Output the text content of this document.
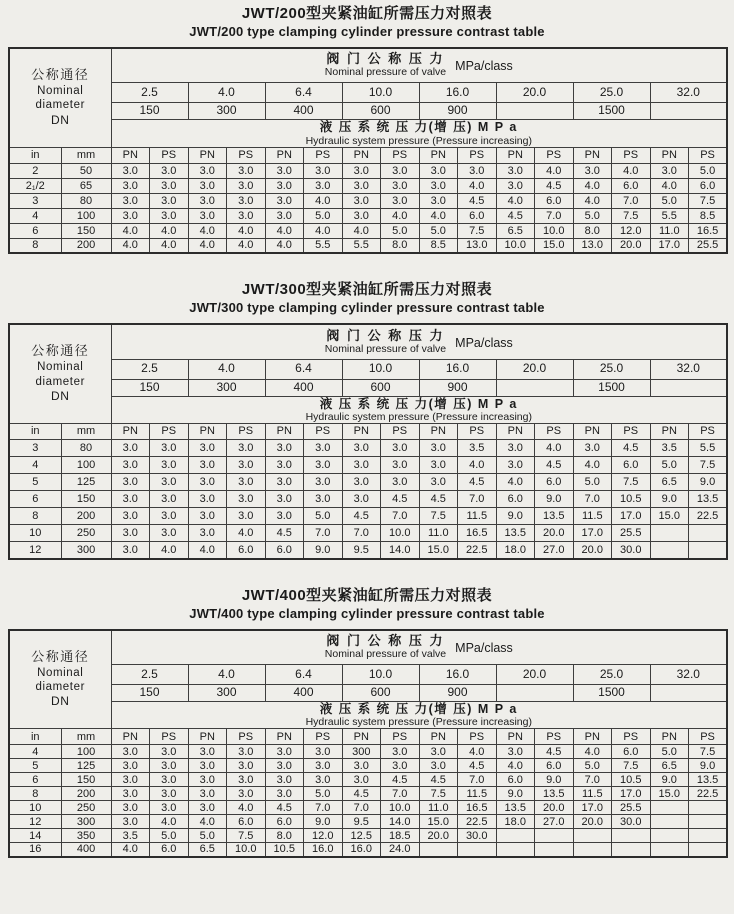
JWT/200型夹紧油缸所需压力对照表
JWT/200 type clamping cylinder pressure contrast table
公称通径
Nominal
diameter
DN

阀 门 公 称 压 力
Nominal pressure of valve MPa/class

		2.5		4.0		6.4		10.0		16.0		20.0		25.0		32.0	
		150		300		400		600		900				1500			

		液 压 系 统 压 力(增 压) M P a
Hydraulic system pressure (Pressure increasing)															

in	mm	PN	PS	PN	PS	PN	PS	PN	PS	PN	PS	PN	PS	PN	PS	PN	PS
2	50	3.0	3.0	3.0	3.0	3.0	3.0	3.0	3.0	3.0	3.0	3.0	4.0	3.0	4.0	3.0	5.0
2₁/2	65	3.0	3.0	3.0	3.0	3.0	3.0	3.0	3.0	3.0	4.0	3.0	4.5	4.0	6.0	4.0	6.0
3	80	3.0	3.0	3.0	3.0	3.0	4.0	3.0	3.0	3.0	4.5	4.0	6.0	4.0	7.0	5.0	7.5
4	100	3.0	3.0	3.0	3.0	3.0	5.0	3.0	4.0	4.0	6.0	4.5	7.0	5.0	7.5	5.5	8.5
6	150	4.0	4.0	4.0	4.0	4.0	4.0	4.0	5.0	5.0	7.5	6.5	10.0	8.0	12.0	11.0	16.5
8	200	4.0	4.0	4.0	4.0	4.0	5.5	5.5	8.0	8.5	13.0	10.0	15.0	13.0	20.0	17.0	25.5
JWT/300型夹紧油缸所需压力对照表
JWT/300 type clamping cylinder pressure contrast table
公称通径
Nominal
diameter
DN

阀 门 公 称 压 力
Nominal pressure of valve MPa/class

		2.5		4.0		6.4		10.0		16.0		20.0		25.0		32.0	
		150		300		400		600		900				1500			

		液 压 系 统 压 力(增 压) M P a
Hydraulic system pressure (Pressure increasing)															

in	mm	PN	PS	PN	PS	PN	PS	PN	PS	PN	PS	PN	PS	PN	PS	PN	PS
3	80	3.0	3.0	3.0	3.0	3.0	3.0	3.0	3.0	3.0	3.5	3.0	4.0	3.0	4.5	3.5	5.5
4	100	3.0	3.0	3.0	3.0	3.0	3.0	3.0	3.0	3.0	4.0	3.0	4.5	4.0	6.0	5.0	7.5
5	125	3.0	3.0	3.0	3.0	3.0	3.0	3.0	3.0	3.0	4.5	4.0	6.0	5.0	7.5	6.5	9.0
6	150	3.0	3.0	3.0	3.0	3.0	3.0	3.0	4.5	4.5	7.0	6.0	9.0	7.0	10.5	9.0	13.5
8	200	3.0	3.0	3.0	3.0	3.0	5.0	4.5	7.0	7.5	11.5	9.0	13.5	11.5	17.0	15.0	22.5
10	250	3.0	3.0	3.0	4.0	4.5	7.0	7.0	10.0	11.0	16.5	13.5	20.0	17.0	25.5		
12	300	3.0	4.0	4.0	6.0	6.0	9.0	9.5	14.0	15.0	22.5	18.0	27.0	20.0	30.0		
JWT/400型夹紧油缸所需压力对照表
JWT/400 type clamping cylinder pressure contrast table
公称通径
Nominal
diameter
DN

阀 门 公 称 压 力
Nominal pressure of valve MPa/class

		2.5		4.0		6.4		10.0		16.0		20.0		25.0		32.0	
		150		300		400		600		900				1500			

		液 压 系 统 压 力(增 压) M P a
Hydraulic system pressure (Pressure increasing)															

in	mm	PN	PS	PN	PS	PN	PS	PN	PS	PN	PS	PN	PS	PN	PS	PN	PS
4	100	3.0	3.0	3.0	3.0	3.0	3.0	300	3.0	3.0	4.0	3.0	4.5	4.0	6.0	5.0	7.5
5	125	3.0	3.0	3.0	3.0	3.0	3.0	3.0	3.0	3.0	4.5	4.0	6.0	5.0	7.5	6.5	9.0
6	150	3.0	3.0	3.0	3.0	3.0	3.0	3.0	4.5	4.5	7.0	6.0	9.0	7.0	10.5	9.0	13.5
8	200	3.0	3.0	3.0	3.0	3.0	5.0	4.5	7.0	7.5	11.5	9.0	13.5	11.5	17.0	15.0	22.5
10	250	3.0	3.0	3.0	4.0	4.5	7.0	7.0	10.0	11.0	16.5	13.5	20.0	17.0	25.5		
12	300	3.0	4.0	4.0	6.0	6.0	9.0	9.5	14.0	15.0	22.5	18.0	27.0	20.0	30.0		
14	350	3.5	5.0	5.0	7.5	8.0	12.0	12.5	18.5	20.0	30.0						
16	400	4.0	6.0	6.5	10.0	10.5	16.0	16.0	24.0								
